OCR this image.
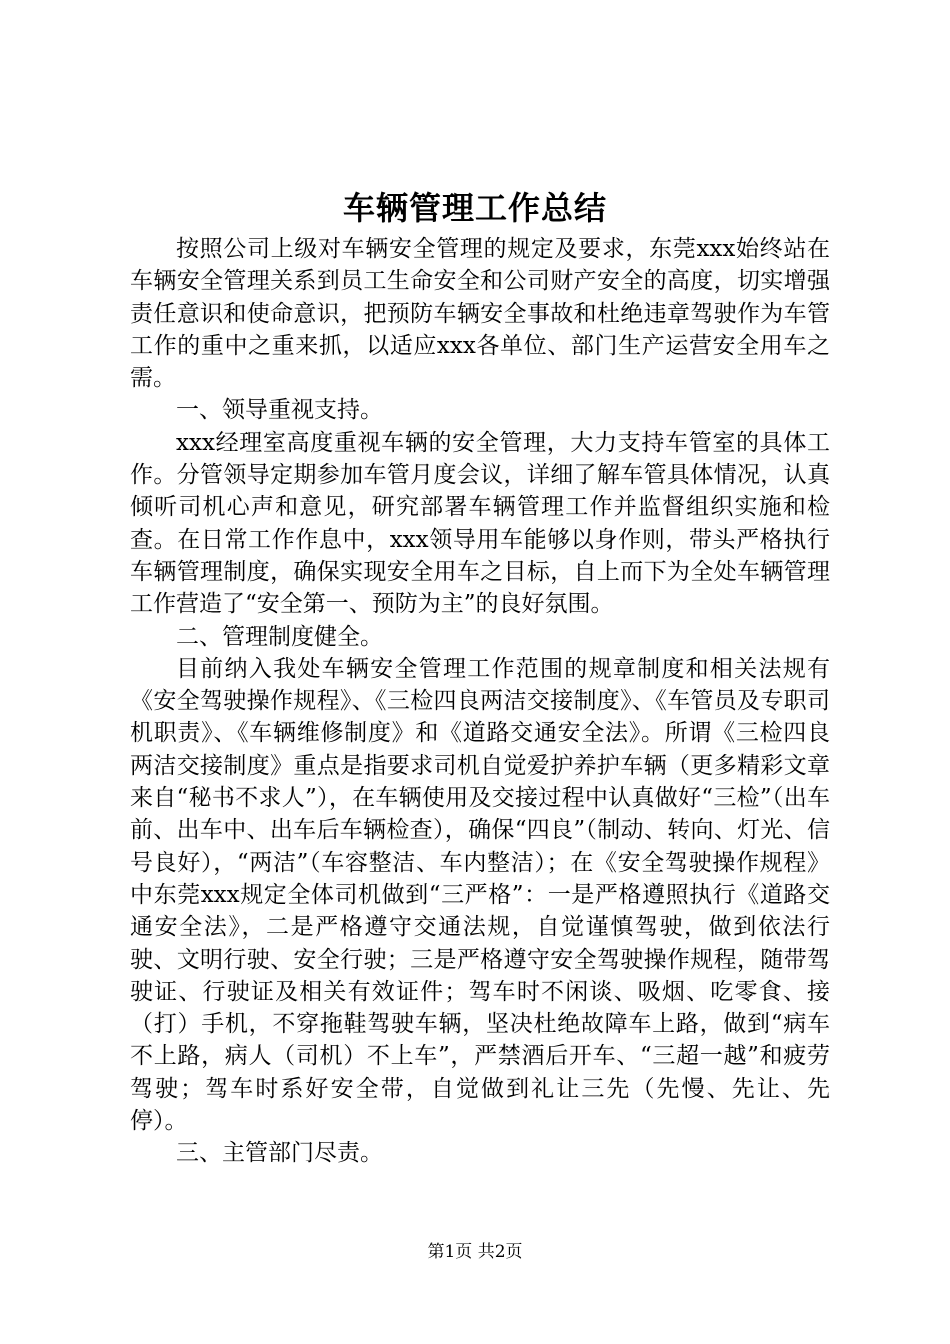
车辆管理工作总结

按照公司上级对车辆安全管理的规定及要求，东莞xxx始终站在车辆安全管理关系到员工生命安全和公司财产安全的高度，切实增强责任意识和使命意识，把预防车辆安全事故和杜绝违章驾驶作为车管工作的重中之重来抓，以适应xxx各单位、部门生产运营安全用车之需。

一、领导重视支持。

xxx经理室高度重视车辆的安全管理，大力支持车管室的具体工作。分管领导定期参加车管月度会议，详细了解车管具体情况，认真倾听司机心声和意见，研究部署车辆管理工作并监督组织实施和检查。在日常工作作息中，xxx领导用车能够以身作则，带头严格执行车辆管理制度，确保实现安全用车之目标，自上而下为全处车辆管理工作营造了“安全第一、预防为主”的良好氛围。

二、管理制度健全。

目前纳入我处车辆安全管理工作范围的规章制度和相关法规有《安全驾驶操作规程》、《三检四良两洁交接制度》、《车管员及专职司机职责》、《车辆维修制度》和《道路交通安全法》。所谓《三检四良两洁交接制度》重点是指要求司机自觉爱护养护车辆（更多精彩文章来自“秘书不求人”），在车辆使用及交接过程中认真做好“三检”（出车前、出车中、出车后车辆检查），确保“四良”（制动、转向、灯光、信号良好），“两洁”（车容整洁、车内整洁）；在《安全驾驶操作规程》中东莞xxx规定全体司机做到“三严格”：一是严格遵照执行《道路交通安全法》，二是严格遵守交通法规，自觉谨慎驾驶，做到依法行驶、文明行驶、安全行驶；三是严格遵守安全驾驶操作规程，随带驾驶证、行驶证及相关有效证件；驾车时不闲谈、吸烟、吃零食、接（打）手机，不穿拖鞋驾驶车辆，坚决杜绝故障车上路，做到“病车不上路，病人（司机）不上车”，严禁酒后开车、“三超一越”和疲劳驾驶；驾车时系好安全带，自觉做到礼让三先（先慢、先让、先停）。

三、主管部门尽责。

第1页 共2页
